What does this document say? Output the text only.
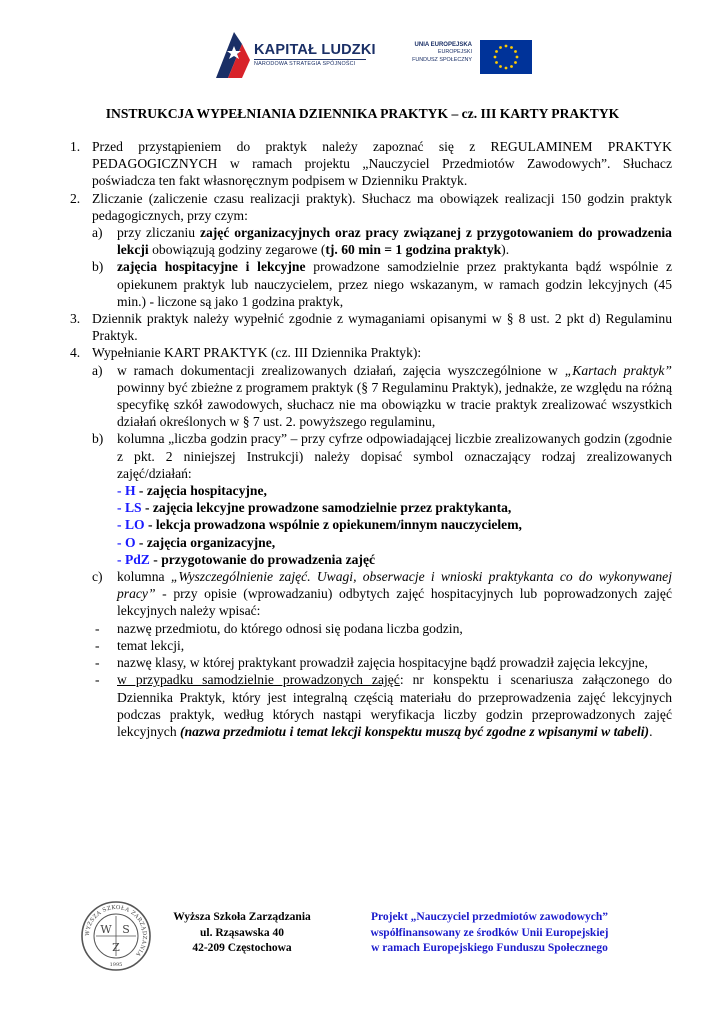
KAPITAŁ LUDZKI
NARODOWA STRATEGIA SPÓJNOŚCI
UNIA EUROPEJSKA
EUROPEJSKI
FUNDUSZ SPOŁECZNY
INSTRUKCJA WYPEŁNIANIA DZIENNIKA PRAKTYK – cz. III KARTY PRAKTYK
1. Przed przystąpieniem do praktyk należy zapoznać się z REGULAMINEM PRAKTYK PEDAGOGICZNYCH w ramach projektu „Nauczyciel Przedmiotów Zawodowych”. Słuchacz poświadcza ten fakt własnoręcznym podpisem w Dzienniku Praktyk.
2. Zliczanie (zaliczenie czasu realizacji praktyk). Słuchacz ma obowiązek realizacji 150 godzin praktyk pedagogicznych, przy czym:
a) przy zliczaniu zajęć organizacyjnych oraz pracy związanej z przygotowaniem do prowadzenia lekcji obowiązują godziny zegarowe (tj. 60 min = 1 godzina praktyk).
b) zajęcia hospitacyjne i lekcyjne prowadzone samodzielnie przez praktykanta bądź wspólnie z opiekunem praktyk lub nauczycielem, przez niego wskazanym, w ramach godzin lekcyjnych (45 min.) - liczone są jako 1 godzina praktyk,
3. Dziennik praktyk należy wypełnić zgodnie z wymaganiami opisanymi w § 8 ust. 2 pkt d) Regulaminu Praktyk.
4. Wypełnianie KART PRAKTYK (cz. III Dziennika Praktyk):
a) w ramach dokumentacji zrealizowanych działań, zajęcia wyszczególnione w „Kartach praktyk” powinny być zbieżne z programem praktyk (§ 7 Regulaminu Praktyk), jednakże, ze względu na różną specyfikę szkół zawodowych, słuchacz nie ma obowiązku w tracie praktyk zrealizować wszystkich działań określonych w § 7 ust. 2. powyższego regulaminu,
b) kolumna „liczba godzin pracy” – przy cyfrze odpowiadającej liczbie zrealizowanych godzin (zgodnie z pkt. 2 niniejszej Instrukcji) należy dopisać symbol oznaczający rodzaj zrealizowanych zajęć/działań:
- H - zajęcia hospitacyjne,
- LS - zajęcia lekcyjne prowadzone samodzielnie przez praktykanta,
- LO - lekcja prowadzona wspólnie z opiekunem/innym nauczycielem,
- O - zajęcia organizacyjne,
- PdZ - przygotowanie do prowadzenia zajęć
c) kolumna „Wyszczególnienie zajęć. Uwagi, obserwacje i wnioski praktykanta co do wykonywanej pracy” - przy opisie (wprowadzaniu) odbytych zajęć hospitacyjnych lub poprowadzonych zajęć lekcyjnych należy wpisać:
- nazwę przedmiotu, do którego odnosi się podana liczba godzin,
- temat lekcji,
- nazwę klasy, w której praktykant prowadził zajęcia hospitacyjne bądź prowadził zajęcia lekcyjne,
- w przypadku samodzielnie prowadzonych zajęć: nr konspektu i scenariusza załączonego do Dziennika Praktyk, który jest integralną częścią materiału do przeprowadzenia zajęć lekcyjnych podczas praktyk, według których nastąpi weryfikacja liczby godzin przeprowadzonych zajęć lekcyjnych (nazwa przedmiotu i temat lekcji konspektu muszą być zgodne z wpisanymi w tabeli).
WYŻSZA SZKOŁA ZARZĄDZANIA
W S
Z
1995
Wyższa Szkoła Zarządzania
ul. Rząsawska 40
42-209 Częstochowa
Projekt „Nauczyciel przedmiotów zawodowych”
współfinansowany ze środków Unii Europejskiej
w ramach Europejskiego Funduszu Społecznego
